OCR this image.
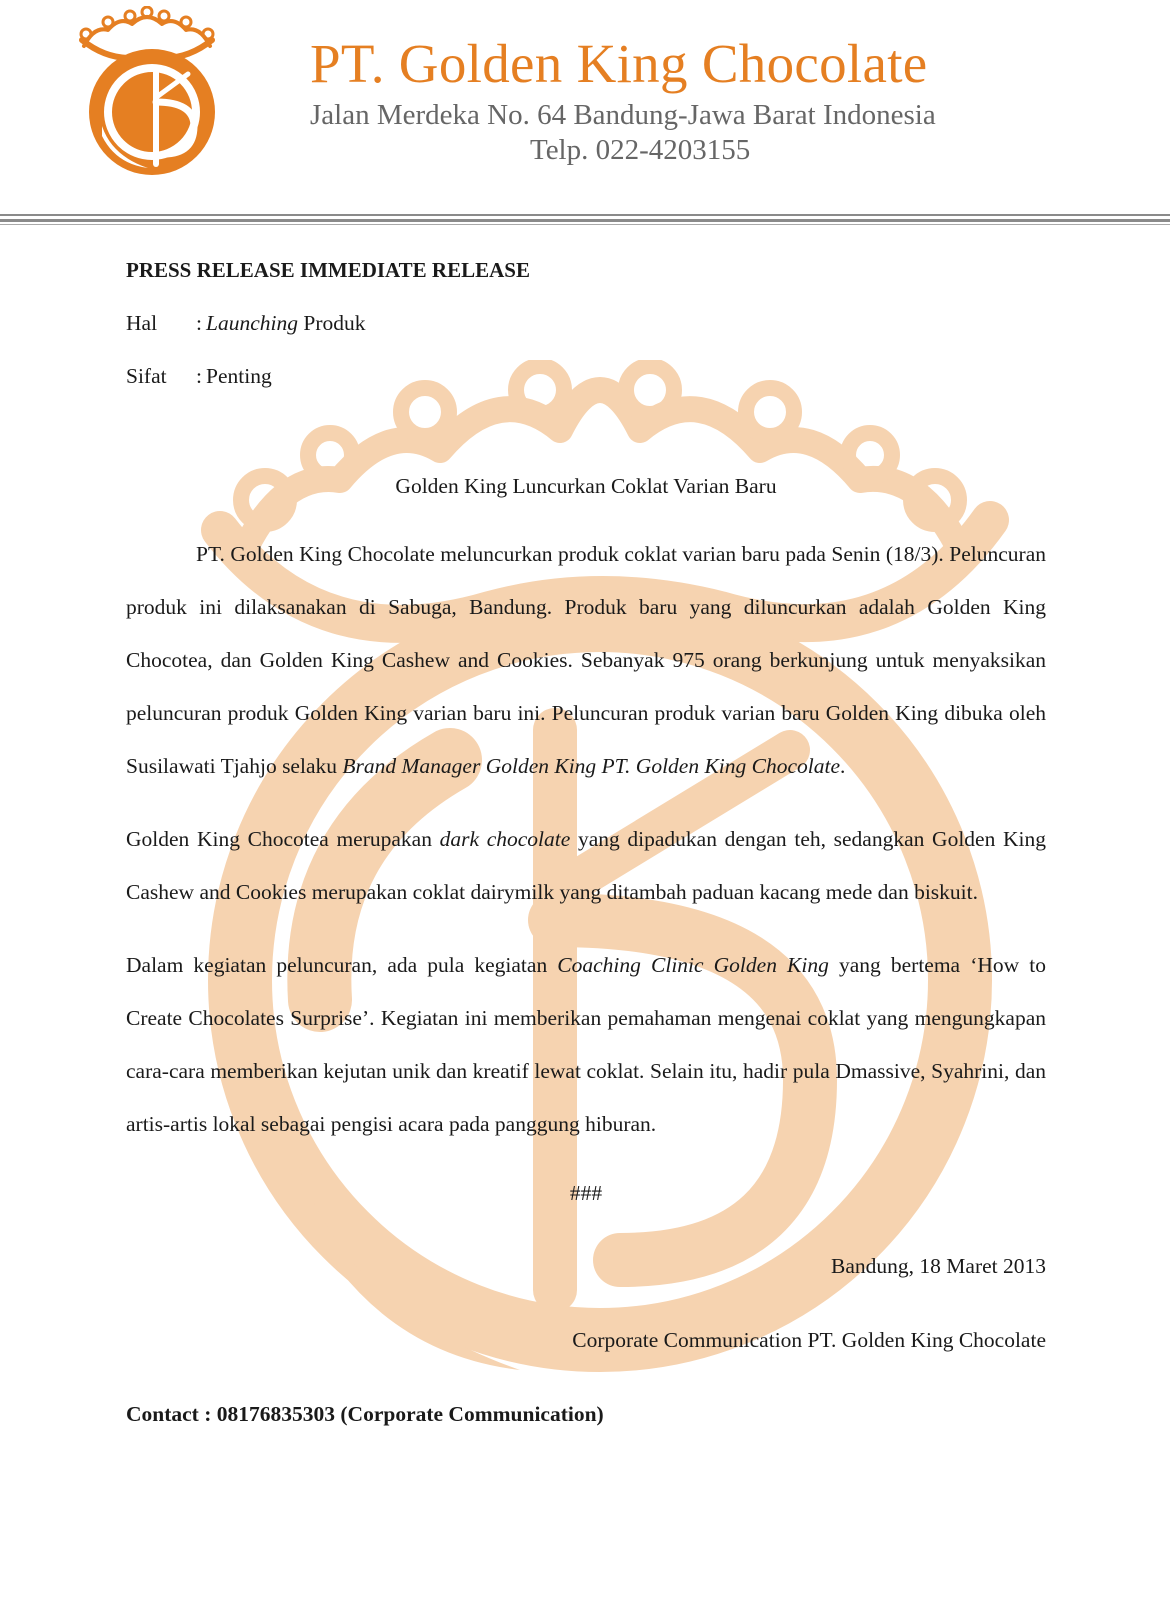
PT. Golden King Chocolate
Jalan Merdeka No. 64 Bandung-Jawa Barat Indonesia
Telp. 022-4203155
PRESS RELEASE IMMEDIATE RELEASE
Hal	: Launching Produk
Sifat	: Penting
Golden King Luncurkan Coklat Varian Baru

PT. Golden King Chocolate meluncurkan produk coklat varian baru pada Senin (18/3). Peluncuran produk ini dilaksanakan di Sabuga, Bandung. Produk baru yang diluncurkan adalah Golden King Chocotea, dan Golden King Cashew and Cookies. Sebanyak 975 orang berkunjung untuk menyaksikan peluncuran produk Golden King varian baru ini. Peluncuran produk varian baru Golden King dibuka oleh Susilawati Tjahjo selaku Brand Manager Golden King PT. Golden King Chocolate.

Golden King Chocotea merupakan dark chocolate yang dipadukan dengan teh, sedangkan Golden King Cashew and Cookies merupakan coklat dairymilk yang ditambah paduan kacang mede dan biskuit.

Dalam kegiatan peluncuran, ada pula kegiatan Coaching Clinic Golden King yang bertema ‘How to Create Chocolates Surprise’. Kegiatan ini memberikan pemahaman mengenai coklat yang mengungkapan cara-cara memberikan kejutan unik dan kreatif lewat coklat. Selain itu, hadir pula Dmassive, Syahrini, dan artis-artis lokal sebagai pengisi acara pada panggung hiburan.

###
Bandung, 18 Maret 2013
Corporate Communication PT. Golden King Chocolate
Contact : 08176835303 (Corporate Communication)
